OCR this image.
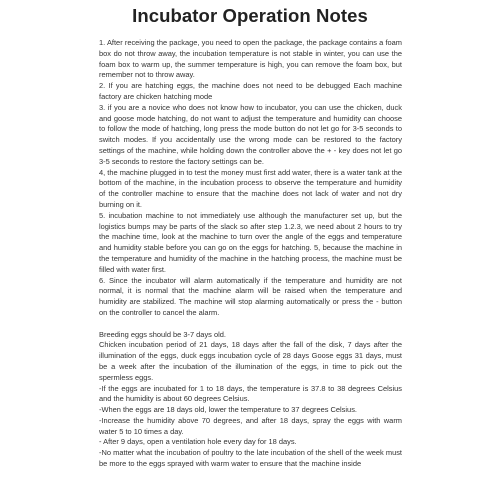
Incubator Operation Notes

1. After receiving the package, you need to open the package, the package contains a foam box do not throw away, the incubation temperature is not stable in winter, you can use the foam box to warm up, the summer temperature is high, you can remove the foam box, but remember not to throw away.

2. If you are hatching eggs, the machine does not need to be debugged Each machine factory are chicken hatching mode

3. if you are a novice who does not know how to incubator, you can use the chicken, duck and goose mode hatching, do not want to adjust the temperature and humidity can choose to follow the mode of hatching, long press the mode button do not let go for 3-5 seconds to switch modes. If you accidentally use the wrong mode can be restored to the factory settings of the machine, while holding down the controller above the + - key does not let go 3-5 seconds to restore the factory settings can be.

4, the machine plugged in to test the money must first add water, there is a water tank at the bottom of the machine, in the incubation process to observe the temperature and humidity of the controller machine to ensure that the machine does not lack of water and not dry burning on it.

5. incubation machine to not immediately use although the manufacturer set up, but the logistics bumps may be parts of the slack so after step 1.2.3, we need about 2 hours to try the machine time, look at the machine to turn over the angle of the eggs and temperature and humidity stable before you can go on the eggs for hatching. 5, because the machine in the temperature and humidity of the machine in the hatching process, the machine must be filled with water first.

6. Since the incubator will alarm automatically if the temperature and humidity are not normal, it is normal that the machine alarm will be raised when the temperature and humidity are stabilized. The machine will stop alarming automatically or press the - button on the controller to cancel the alarm.

Breeding eggs should be 3-7 days old.

Chicken incubation period of 21 days, 18 days after the fall of the disk, 7 days after the illumination of the eggs, duck eggs incubation cycle of 28 days Goose eggs 31 days, must be a week after the incubation of the illumination of the eggs, in time to pick out the spermless eggs.

-If the eggs are incubated for 1 to 18 days, the temperature is 37.8 to 38 degrees Celsius and the humidity is about 60 degrees Celsius.

-When the eggs are 18 days old, lower the temperature to 37 degrees Celsius.

-Increase the humidity above 70 degrees, and after 18 days, spray the eggs with warm water 5 to 10 times a day.

- After 9 days, open a ventilation hole every day for 18 days.

-No matter what the incubation of poultry to the late incubation of the shell of the week must be more to the eggs sprayed with warm water to ensure that the machine inside
